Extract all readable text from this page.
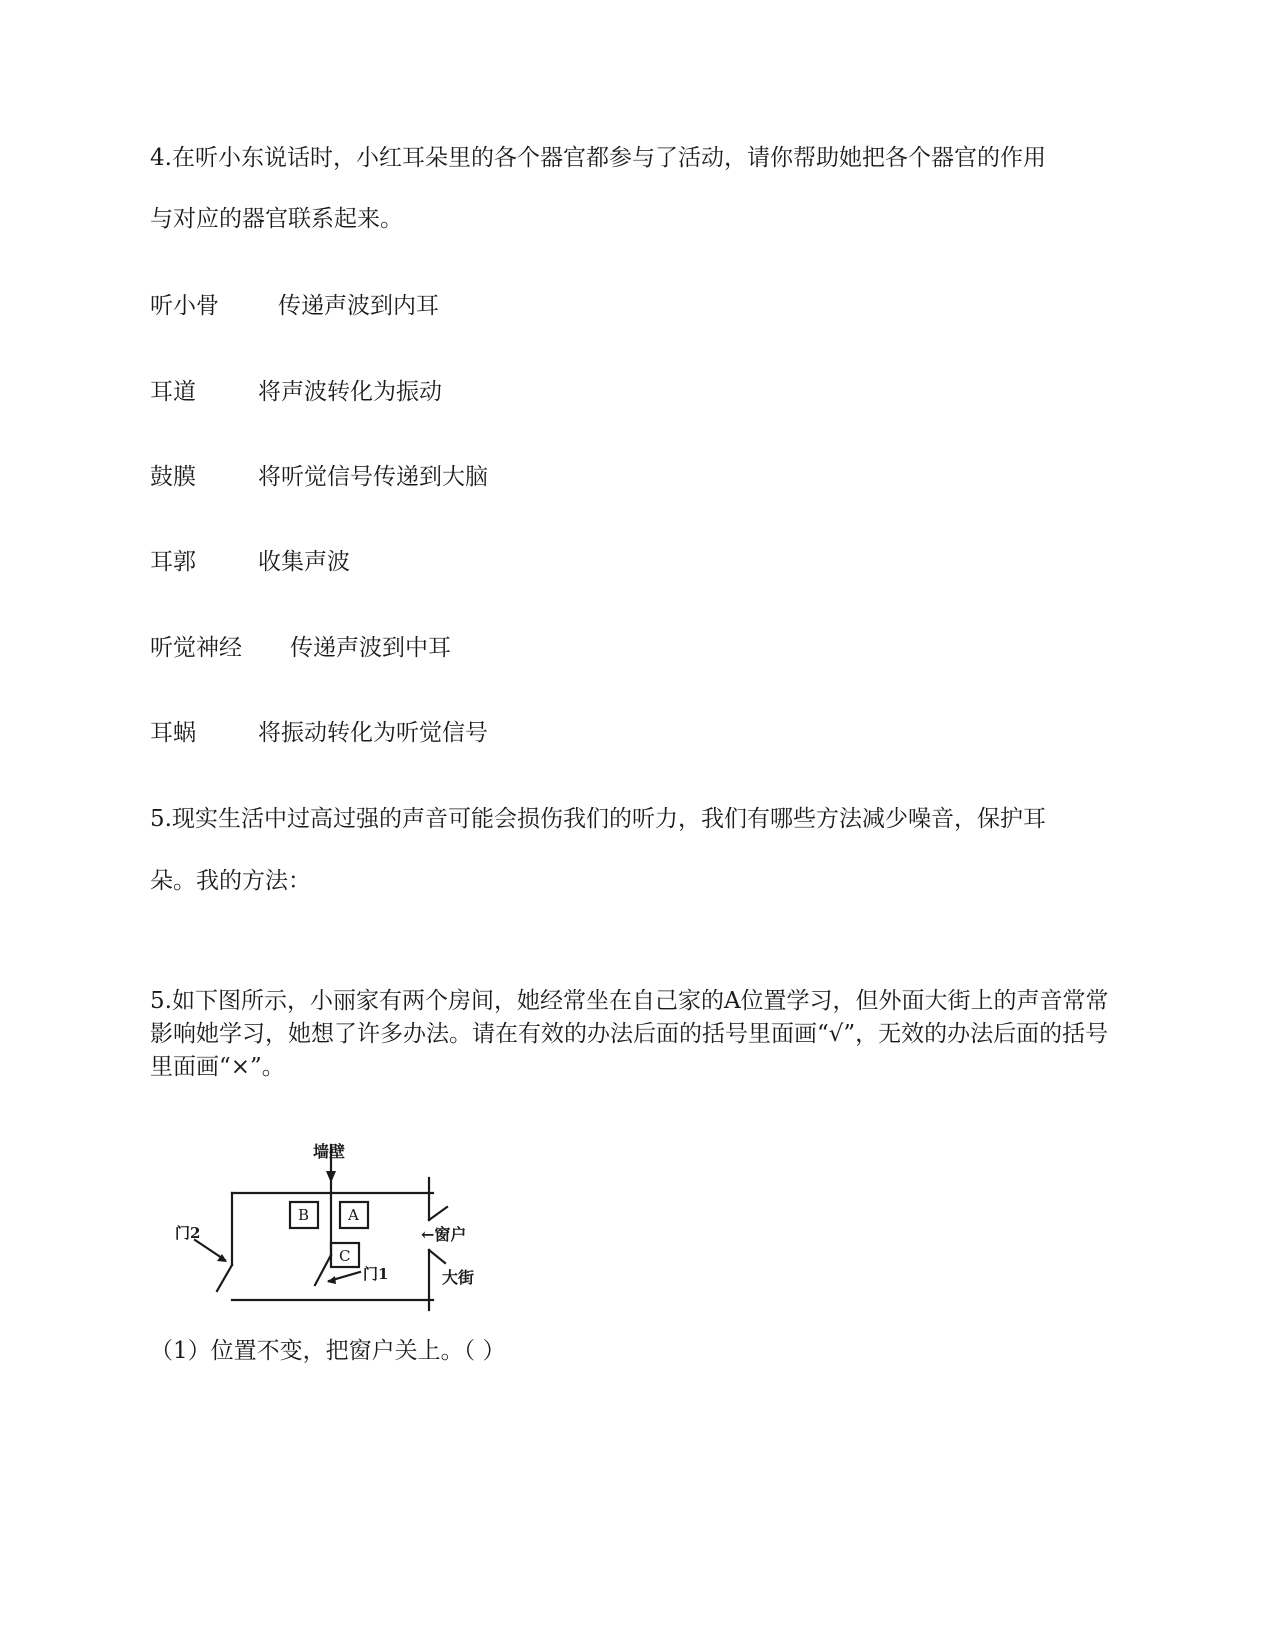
4.在听小东说话时，小红耳朵里的各个器官都参与了活动，请你帮助她把各个器官的作用
与对应的器官联系起来。
听小骨	传递声波到内耳
耳道	将声波转化为振动
鼓膜	将听觉信号传递到大脑
耳郭	收集声波
听觉神经 传递声波到中耳
耳蜗	将振动转化为听觉信号
5.现实生活中过高过强的声音可能会损伤我们的听力，我们有哪些方法减少噪音，保护耳
朵。我的方法：
5.如下图所示，小丽家有两个房间，她经常坐在自己家的A位置学习，但外面大街上的声音常常影响她学习，她想了许多办法。请在有效的办法后面的括号里面画“√”，无效的办法后面的括号里面画“×”。
墙壁
B	A
C
门2
门1
←窗户
大街
（1）位置不变，把窗户关上。（ ）
